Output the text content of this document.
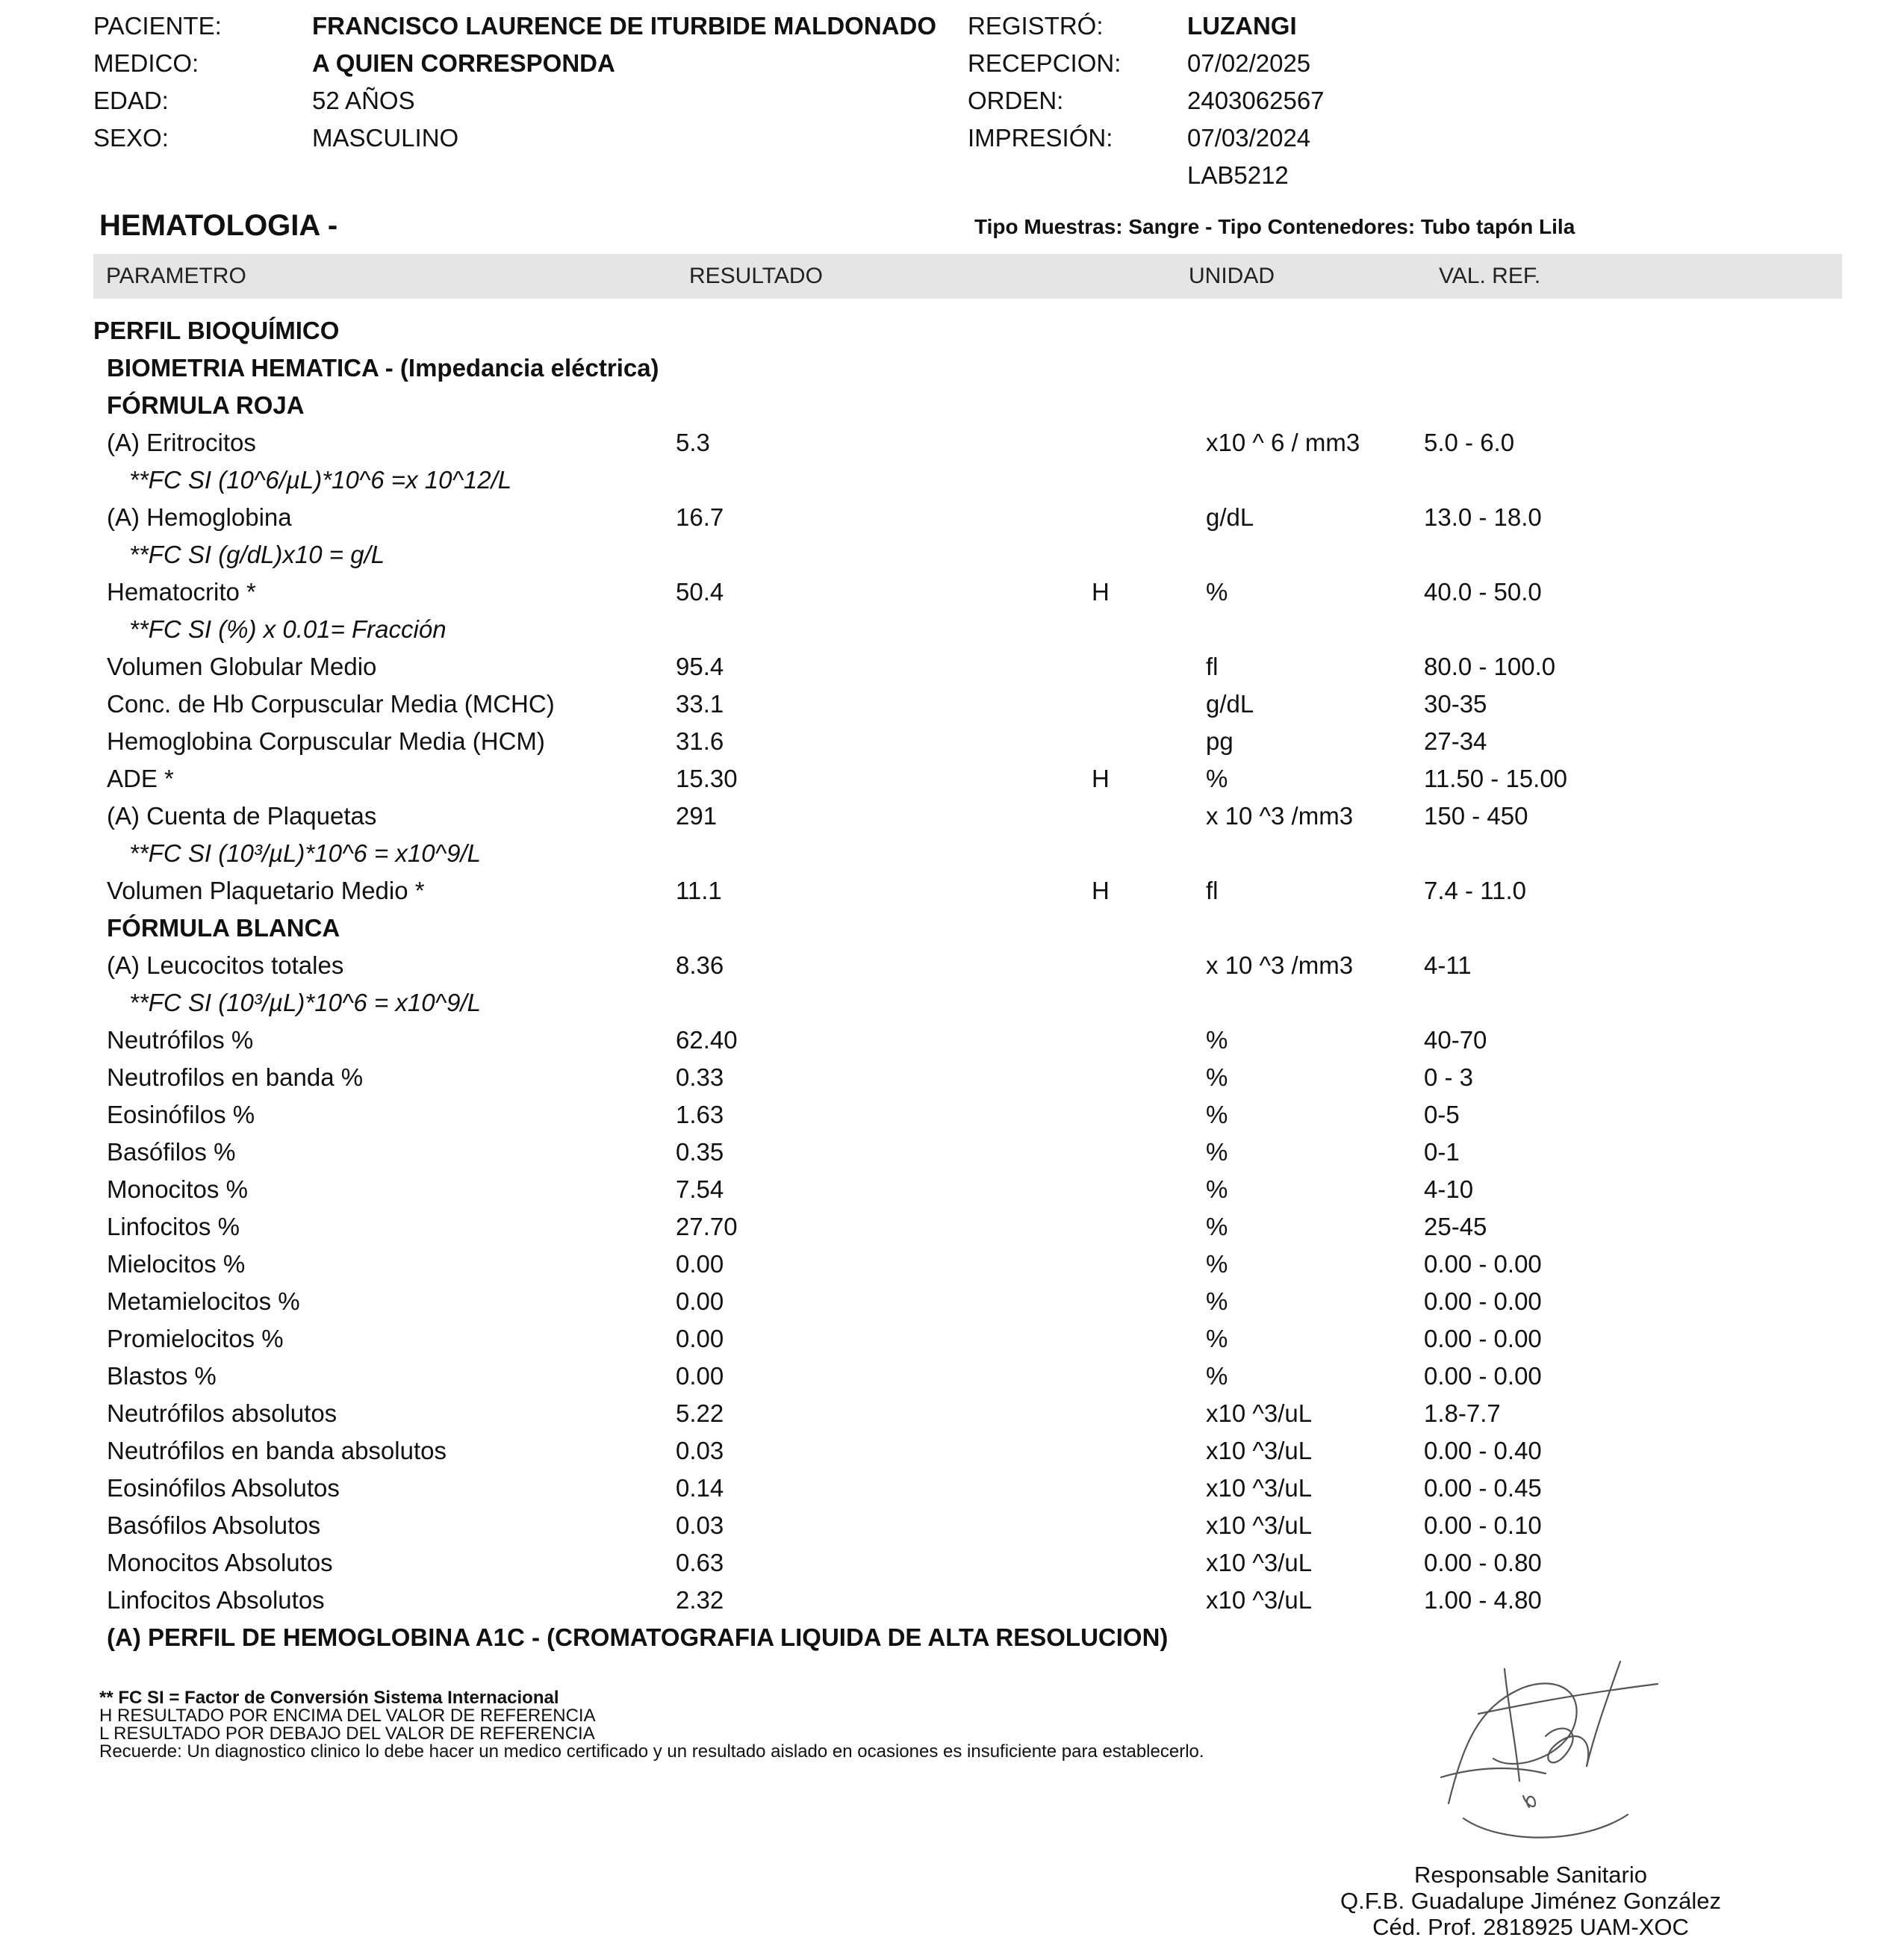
PACIENTE:	FRANCISCO LAURENCE DE ITURBIDE MALDONADO
MEDICO:	A QUIEN CORRESPONDA
EDAD:	52 AÑOS
SEXO:	MASCULINO
REGISTRÓ:	LUZANGI
RECEPCION:	07/02/2025
ORDEN:	2403062567
IMPRESIÓN:	07/03/2024
LAB5212
HEMATOLOGIA -	Tipo Muestras: Sangre - Tipo Contenedores: Tubo tapón Lila
PARAMETRO	RESULTADO	UNIDAD	VAL. REF.
PERFIL BIOQUÍMICO
BIOMETRIA HEMATICA - (Impedancia eléctrica)
FÓRMULA ROJA
(A) Eritrocitos	5.3	x10 ^ 6 / mm3	5.0 - 6.0
**FC SI (10^6/µL)*10^6 =x 10^12/L
(A) Hemoglobina	16.7	g/dL	13.0 - 18.0
**FC SI (g/dL)x10 = g/L
Hematocrito *	50.4	H	%	40.0 - 50.0
**FC SI (%) x 0.01= Fracción
Volumen Globular Medio	95.4	fl	80.0 - 100.0
Conc. de Hb Corpuscular Media (MCHC)	33.1	g/dL	30-35
Hemoglobina Corpuscular Media (HCM)	31.6	pg	27-34
ADE *	15.30	H	%	11.50 - 15.00
(A) Cuenta de Plaquetas	291	x 10 ^3 /mm3	150 - 450
**FC SI (10³/µL)*10^6 = x10^9/L
Volumen Plaquetario Medio *	11.1	H	fl	7.4 - 11.0
FÓRMULA BLANCA
(A) Leucocitos totales	8.36	x 10 ^3 /mm3	4-11
**FC SI (10³/µL)*10^6 = x10^9/L
Neutrófilos %	62.40	%	40-70
Neutrofilos en banda %	0.33	%	0 - 3
Eosinófilos %	1.63	%	0-5
Basófilos %	0.35	%	0-1
Monocitos %	7.54	%	4-10
Linfocitos %	27.70	%	25-45
Mielocitos %	0.00	%	0.00 - 0.00
Metamielocitos %	0.00	%	0.00 - 0.00
Promielocitos %	0.00	%	0.00 - 0.00
Blastos %	0.00	%	0.00 - 0.00
Neutrófilos absolutos	5.22	x10 ^3/uL	1.8-7.7
Neutrófilos en banda absolutos	0.03	x10 ^3/uL	0.00 - 0.40
Eosinófilos Absolutos	0.14	x10 ^3/uL	0.00 - 0.45
Basófilos Absolutos	0.03	x10 ^3/uL	0.00 - 0.10
Monocitos Absolutos	0.63	x10 ^3/uL	0.00 - 0.80
Linfocitos Absolutos	2.32	x10 ^3/uL	1.00 - 4.80
(A) PERFIL DE HEMOGLOBINA A1C - (CROMATOGRAFIA LIQUIDA DE ALTA RESOLUCION)
** FC SI = Factor de Conversión Sistema Internacional
H RESULTADO POR ENCIMA DEL VALOR DE REFERENCIA
L RESULTADO POR DEBAJO DEL VALOR DE REFERENCIA
Recuerde: Un diagnostico clinico lo debe hacer un medico certificado y un resultado aislado en ocasiones es insuficiente para establecerlo.
Responsable Sanitario
Q.F.B. Guadalupe Jiménez González
Céd. Prof. 2818925 UAM-XOC
